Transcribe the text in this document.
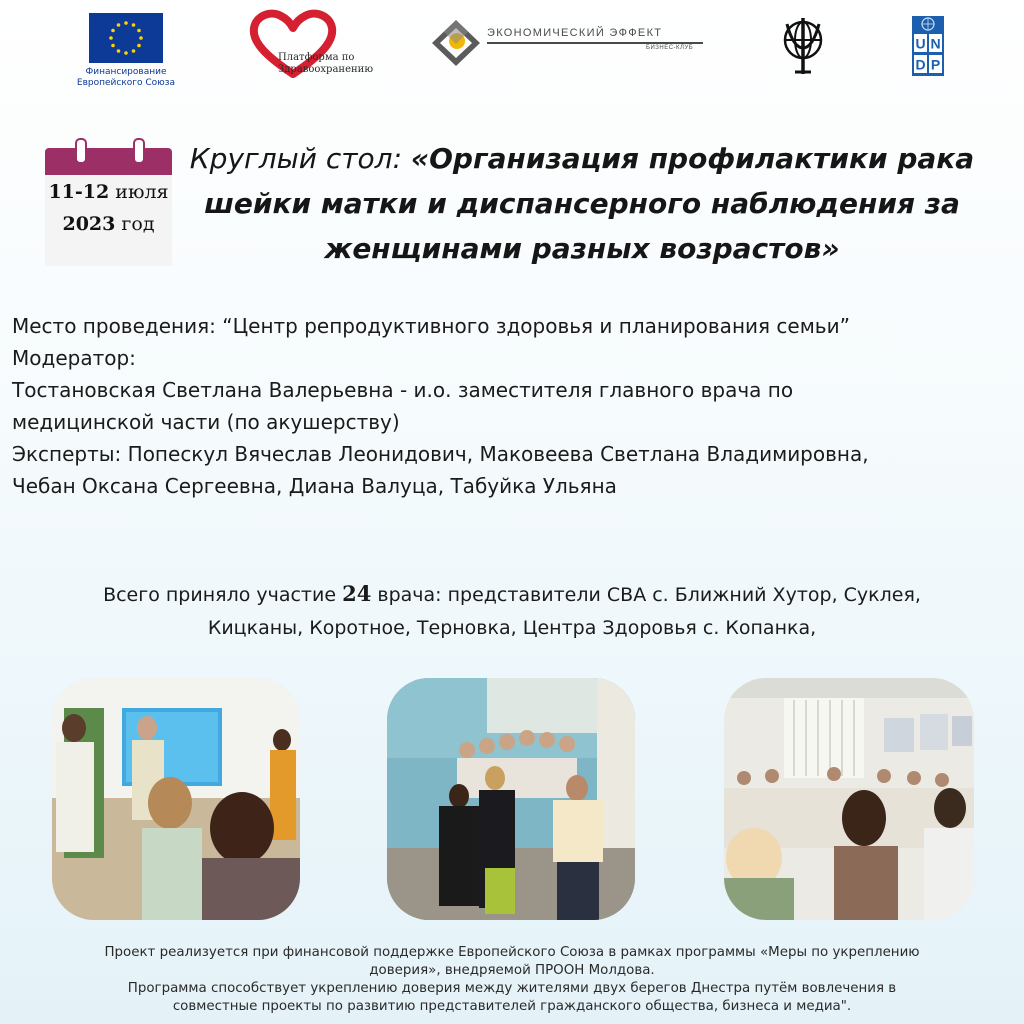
Финансирование
Европейского Союза
Платформа по
Здравоохранению
ЭКОНОМИЧЕСКИЙ ЭФФЕКТ
БИЗНЕС-КЛУБ	U N
D P
11-12 июля
2023 год
Круглый стол: «Организация профилактики рака
шейки матки и диспансерного наблюдения за
женщинами разных возрастов»
Место проведения: “Центр репродуктивного здоровья и планирования семьи”
Модератор:
Тостановская Светлана Валерьевна - и.о. заместителя главного врача по
медицинской части (по акушерству)
Эксперты: Попескул Вячеслав Леонидович, Маковеева Светлана Владимировна,
Чебан Оксана Сергеевна, Диана Валуца, Табуйка Ульяна
Всего приняло участие 24 врача: представители СВА с. Ближний Хутор, Суклея,
Кицканы, Коротное, Терновка, Центра Здоровья с. Копанка,
Проект реализуется при финансовой поддержке Европейского Союза в рамках программы «Меры по укреплению
доверия», внедряемой ПРООН Молдова.
Программа способствует укреплению доверия между жителями двух берегов Днестра путём вовлечения в
совместные проекты по развитию представителей гражданского общества, бизнеса и медиа".
